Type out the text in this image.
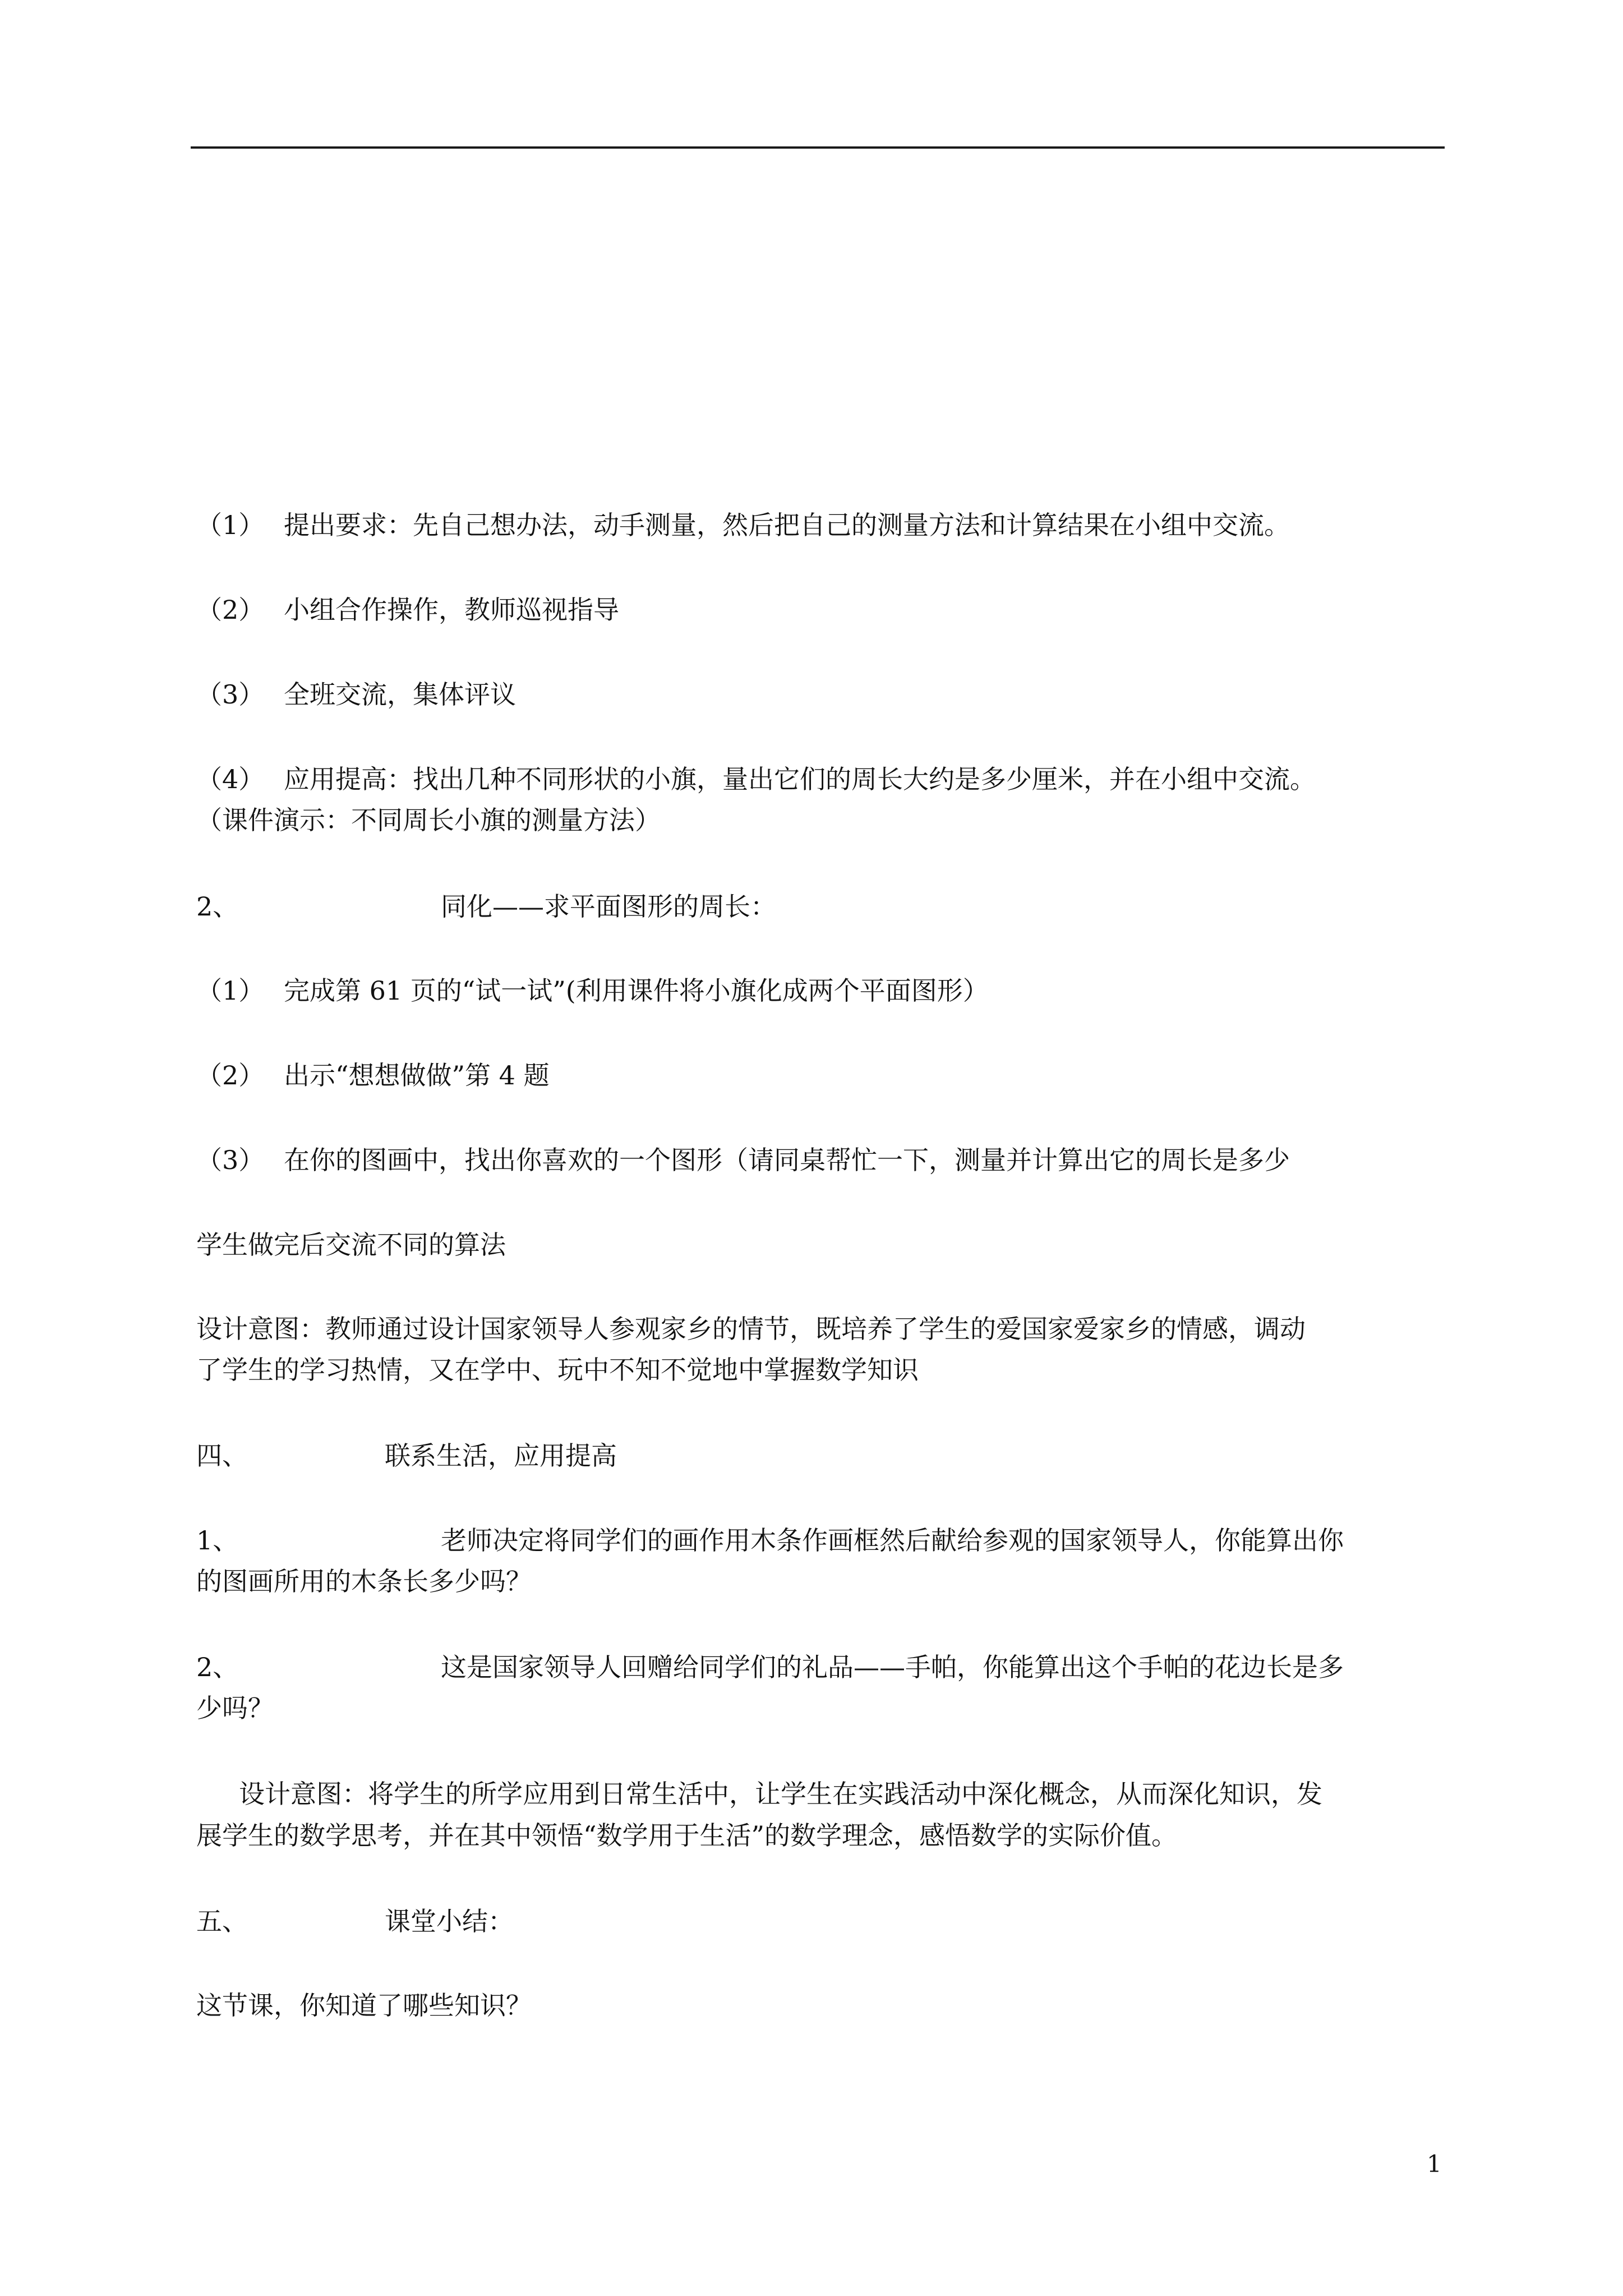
（1） 提出要求：先自己想办法，动手测量，然后把自己的测量方法和计算结果在小组中交流。

（2） 小组合作操作，教师巡视指导

（3） 全班交流，集体评议

（4） 应用提高：找出几种不同形状的小旗，量出它们的周长大约是多少厘米，并在小组中交流。

（课件演示：不同周长小旗的测量方法）

2、	同化——求平面图形的周长：

（1） 完成第 61 页的“试一试”(利用课件将小旗化成两个平面图形）

（2） 出示“想想做做”第 4 题

（3） 在你的图画中，找出你喜欢的一个图形（请同桌帮忙一下，测量并计算出它的周长是多少

学生做完后交流不同的算法

设计意图：教师通过设计国家领导人参观家乡的情节，既培养了学生的爱国家爱家乡的情感，调动

了学生的学习热情，又在学中、玩中不知不觉地中掌握数学知识

四、	联系生活，应用提高

1、	老师决定将同学们的画作用木条作画框然后献给参观的国家领导人，你能算出你

的图画所用的木条长多少吗？

2、	这是国家领导人回赠给同学们的礼品——手帕，你能算出这个手帕的花边长是多

少吗？

设计意图：将学生的所学应用到日常生活中，让学生在实践活动中深化概念，从而深化知识，发

展学生的数学思考，并在其中领悟“数学用于生活”的数学理念，感悟数学的实际价值。

五、	课堂小结：

这节课，你知道了哪些知识？

1
